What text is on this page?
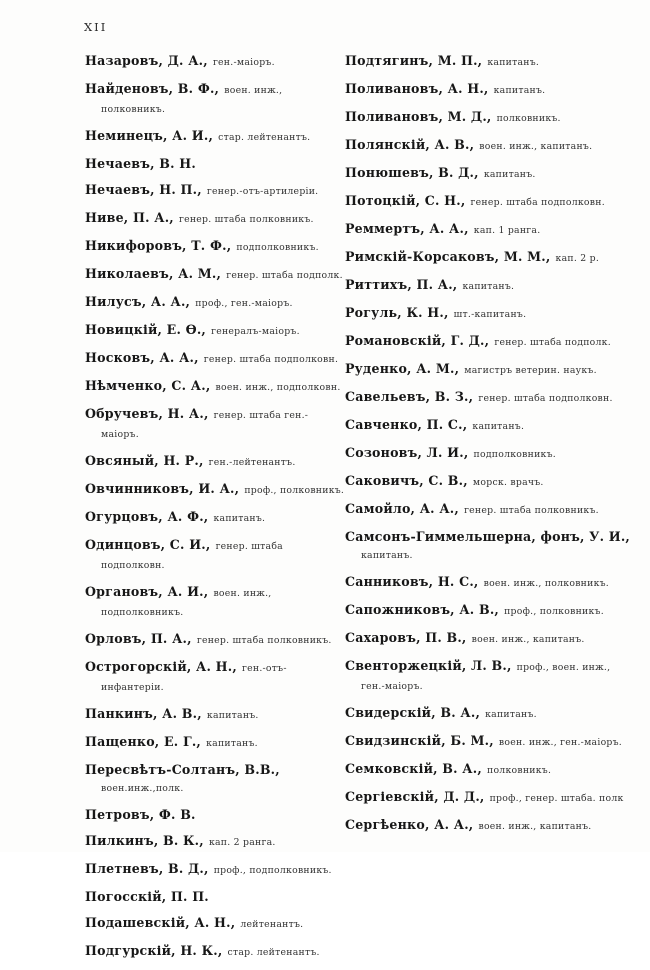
XII
Назаровъ, Д. А., ген.-маіоръ.
Найденовъ, В. Ф., воен. инж., полковникъ.
Неминецъ, А. И., стар. лейтенантъ.
Нечаевъ, В. Н.
Нечаевъ, Н. П., генер.-отъ-артилеріи.
Ниве, П. А., генер. штаба полковникъ.
Никифоровъ, Т. Ф., подполковникъ.
Николаевъ, А. М., генер. штаба подполк.
Нилусъ, А. А., проф., ген.-маіоръ.
Новицкій, Е. Ѳ., генералъ-маіоръ.
Носковъ, А. А., генер. штаба подполковн.
Нѣмченко, С. А., воен. инж., подполковн.
Обручевъ, Н. А., генер. штаба ген.-маіоръ.
Овсяный, Н. Р., ген.-лейтенантъ.
Овчинниковъ, И. А., проф., полковникъ.
Огурцовъ, А. Ф., капитанъ.
Одинцовъ, С. И., генер. штаба подполковн.
Органовъ, А. И., воен. инж., подполковникъ.
Орловъ, П. А., генер. штаба полковникъ.
Острогорскій, А. Н., ген.-отъ-инфантеріи.
Панкинъ, А. В., капитанъ.
Пащенко, Е. Г., капитанъ.
Пересвѣтъ-Солтанъ, В.В., воен.инж.,полк.
Петровъ, Ф. В.
Пилкинъ, В. К., кап. 2 ранга.
Плетневъ, В. Д., проф., подполковникъ.
Погосскій, П. П.
Подашевскій, А. Н., лейтенантъ.
Подгурскій, Н. К., стар. лейтенантъ.
Подтягинъ, М. П., капитанъ.
Поливановъ, А. Н., капитанъ.
Поливановъ, М. Д., полковникъ.
Полянскій, А. В., воен. инж., капитанъ.
Понюшевъ, В. Д., капитанъ.
Потоцкій, С. Н., генер. штаба подполковн.
Реммертъ, А. А., кап. 1 ранга.
Римскій-Корсаковъ, М. М., кап. 2 р.
Риттихъ, П. А., капитанъ.
Рогуль, К. Н., шт.-капитанъ.
Романовскій, Г. Д., генер. штаба подполк.
Руденко, А. М., магистръ ветерин. наукъ.
Савельевъ, В. З., генер. штаба подполковн.
Савченко, П. С., капитанъ.
Созоновъ, Л. И., подполковникъ.
Саковичъ, С. В., морск. врачъ.
Самойло, А. А., генер. штаба полковникъ.
Самсонъ-Гиммельшерна, фонъ, У. И., капитанъ.
Санниковъ, Н. С., воен. инж., полковникъ.
Сапожниковъ, А. В., проф., полковникъ.
Сахаровъ, П. В., воен. инж., капитанъ.
Свенторжецкій, Л. В., проф., воен. инж., ген.-маіоръ.
Свидерскій, В. А., капитанъ.
Свидзинскій, Б. М., воен. инж., ген.-маіоръ.
Семковскій, В. А., полковникъ.
Сергіевскій, Д. Д., проф., генер. штаба. полк
Сергѣенко, А. А., воен. инж., капитанъ.
